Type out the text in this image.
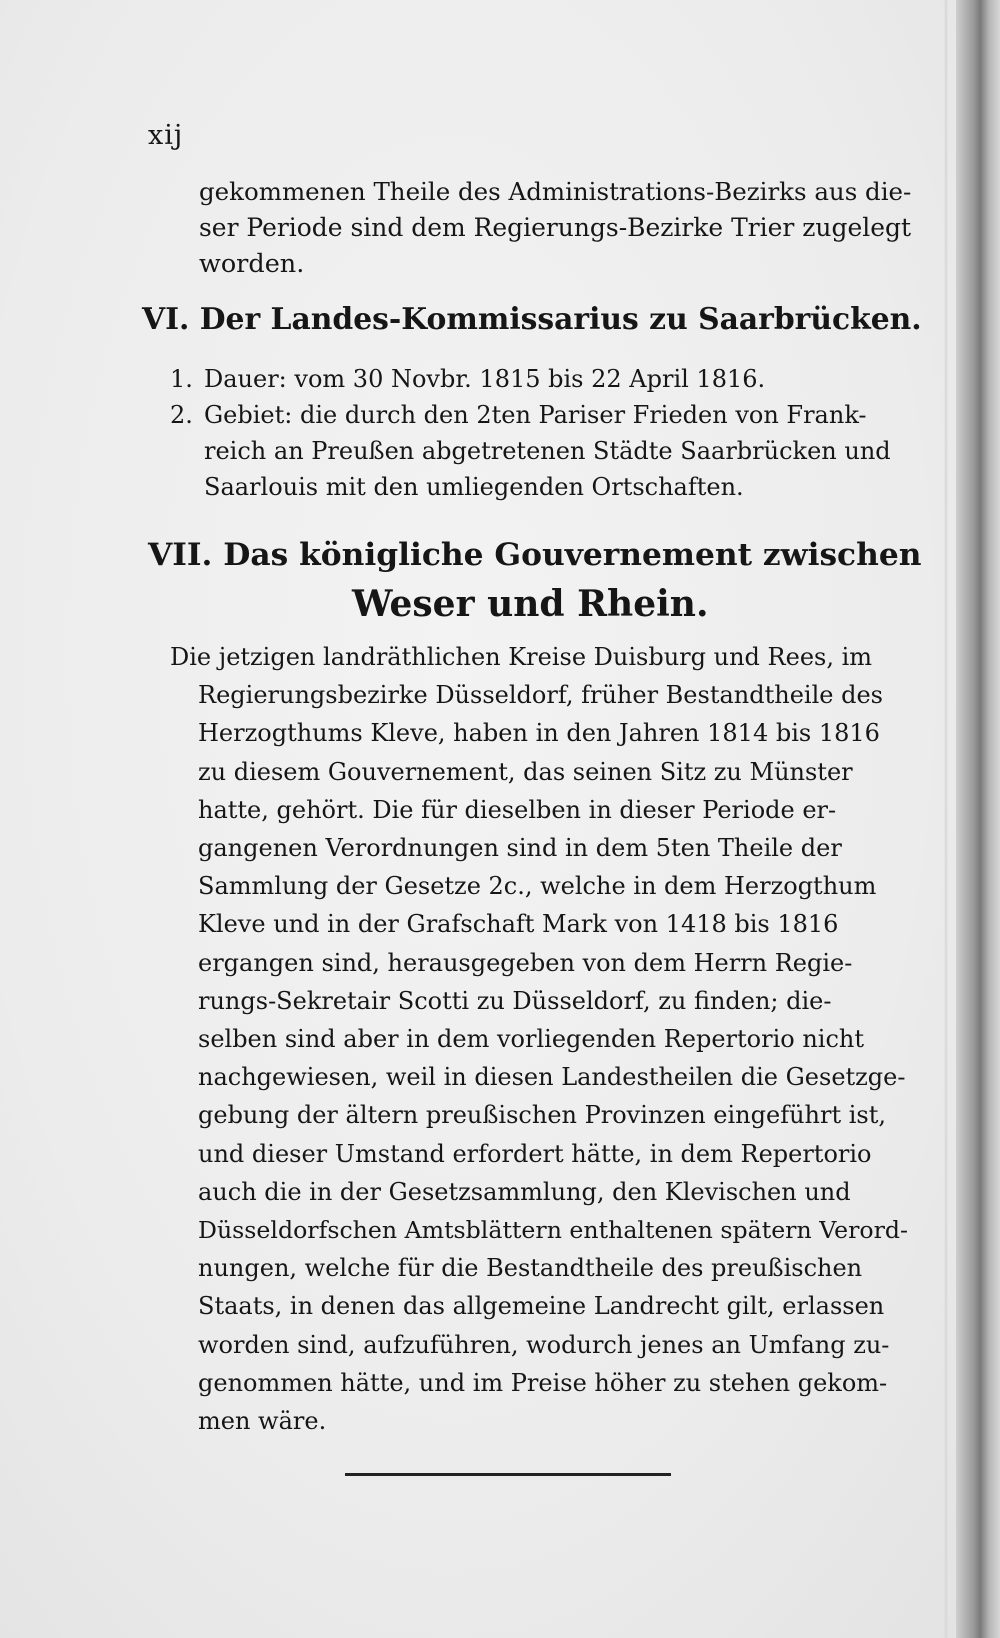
xij
gekommenen Theile des Administrations-Bezirks aus die-
ser Periode sind dem Regierungs-Bezirke Trier zugelegt
worden.
VI. Der Landes-Kommissarius zu Saarbrücken.
1. Dauer: vom 30 Novbr. 1815 bis 22 April 1816.
2. Gebiet: die durch den 2ten Pariser Frieden von Frank-
reich an Preußen abgetretenen Städte Saarbrücken und
Saarlouis mit den umliegenden Ortschaften.
VII. Das königliche Gouvernement zwischen
Weser und Rhein.
Die jetzigen landräthlichen Kreise Duisburg und Rees, im
Regierungsbezirke Düsseldorf, früher Bestandtheile des
Herzogthums Kleve, haben in den Jahren 1814 bis 1816
zu diesem Gouvernement, das seinen Sitz zu Münster
hatte, gehört. Die für dieselben in dieser Periode er-
gangenen Verordnungen sind in dem 5ten Theile der
Sammlung der Gesetze 2c., welche in dem Herzogthum
Kleve und in der Grafschaft Mark von 1418 bis 1816
ergangen sind, herausgegeben von dem Herrn Regie-
rungs-Sekretair Scotti zu Düsseldorf, zu finden; die-
selben sind aber in dem vorliegenden Repertorio nicht
nachgewiesen, weil in diesen Landestheilen die Gesetzge-
gebung der ältern preußischen Provinzen eingeführt ist,
und dieser Umstand erfordert hätte, in dem Repertorio
auch die in der Gesetzsammlung, den Klevischen und
Düsseldorfschen Amtsblättern enthaltenen spätern Verord-
nungen, welche für die Bestandtheile des preußischen
Staats, in denen das allgemeine Landrecht gilt, erlassen
worden sind, aufzuführen, wodurch jenes an Umfang zu-
genommen hätte, und im Preise höher zu stehen gekom-
men wäre.
